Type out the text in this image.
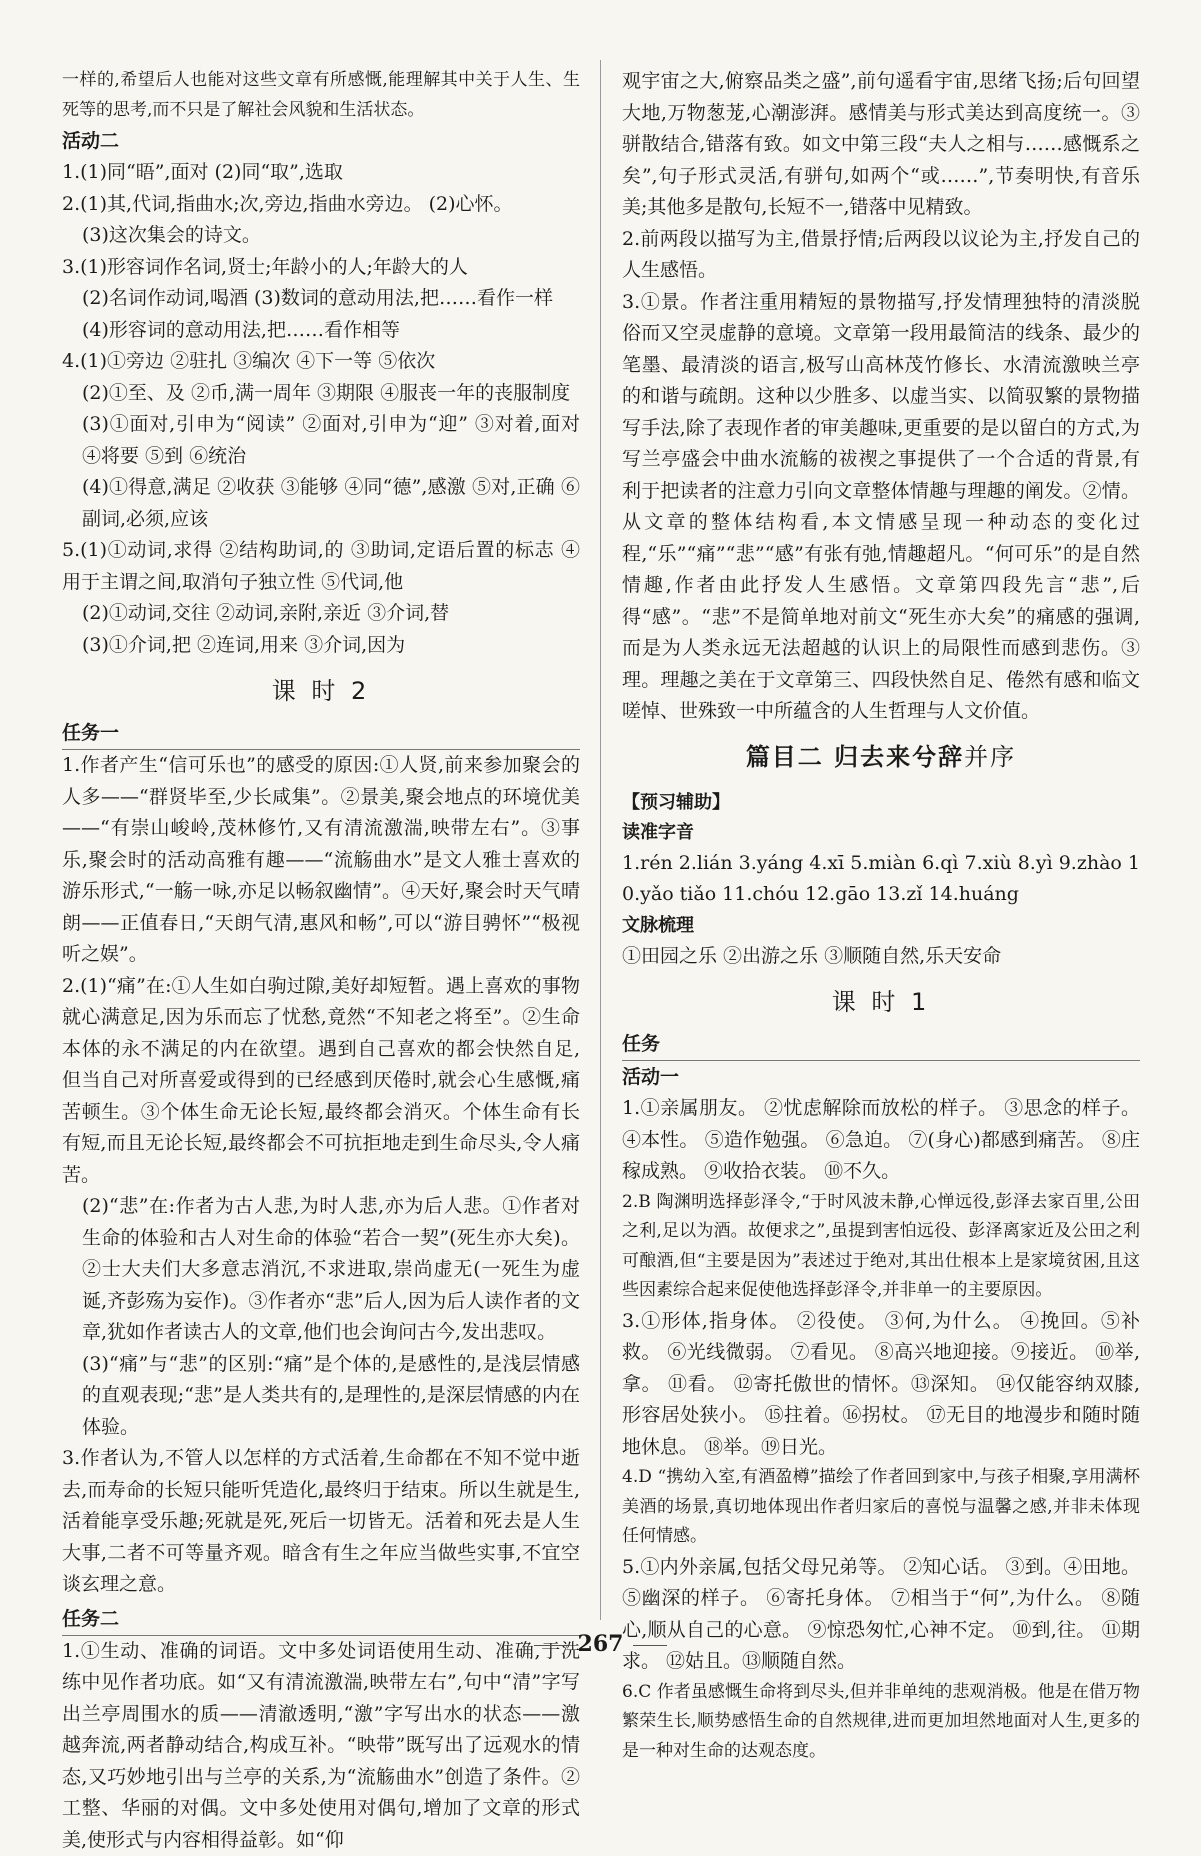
一样的,希望后人也能对这些文章有所感慨,能理解其中关于人生、生死等的思考,而不只是了解社会风貌和生活状态。

活动二

1.(1)同“晤”,面对 (2)同“取”,选取

2.(1)其,代词,指曲水;次,旁边,指曲水旁边。 (2)心怀。

(3)这次集会的诗文。

3.(1)形容词作名词,贤士;年龄小的人;年龄大的人

(2)名词作动词,喝酒 (3)数词的意动用法,把……看作一样

(4)形容词的意动用法,把……看作相等

4.(1)①旁边 ②驻扎 ③编次 ④下一等 ⑤依次

(2)①至、及 ②币,满一周年 ③期限 ④服丧一年的丧服制度

(3)①面对,引申为“阅读” ②面对,引申为“迎” ③对着,面对 ④将要 ⑤到 ⑥统治

(4)①得意,满足 ②收获 ③能够 ④同“德”,感激 ⑤对,正确 ⑥副词,必须,应该

5.(1)①动词,求得 ②结构助词,的 ③助词,定语后置的标志 ④用于主谓之间,取消句子独立性 ⑤代词,他

(2)①动词,交往 ②动词,亲附,亲近 ③介词,替

(3)①介词,把 ②连词,用来 ③介词,因为

课 时 2

任务一

1.作者产生“信可乐也”的感受的原因:①人贤,前来参加聚会的人多——“群贤毕至,少长咸集”。②景美,聚会地点的环境优美——“有崇山峻岭,茂林修竹,又有清流激湍,映带左右”。③事乐,聚会时的活动高雅有趣——“流觞曲水”是文人雅士喜欢的游乐形式,“一觞一咏,亦足以畅叙幽情”。④天好,聚会时天气晴朗——正值春日,“天朗气清,惠风和畅”,可以“游目骋怀”“极视听之娱”。

2.(1)“痛”在:①人生如白驹过隙,美好却短暂。遇上喜欢的事物就心满意足,因为乐而忘了忧愁,竟然“不知老之将至”。②生命本体的永不满足的内在欲望。遇到自己喜欢的都会快然自足,但当自己对所喜爱或得到的已经感到厌倦时,就会心生感慨,痛苦顿生。③个体生命无论长短,最终都会消灭。个体生命有长有短,而且无论长短,最终都会不可抗拒地走到生命尽头,令人痛苦。

(2)“悲”在:作者为古人悲,为时人悲,亦为后人悲。①作者对生命的体验和古人对生命的体验“若合一契”(死生亦大矣)。②士大夫们大多意志消沉,不求进取,崇尚虚无(一死生为虚诞,齐彭殇为妄作)。③作者亦“悲”后人,因为后人读作者的文章,犹如作者读古人的文章,他们也会询问古今,发出悲叹。

(3)“痛”与“悲”的区别:“痛”是个体的,是感性的,是浅层情感的直观表现;“悲”是人类共有的,是理性的,是深层情感的内在体验。

3.作者认为,不管人以怎样的方式活着,生命都在不知不觉中逝去,而寿命的长短只能听凭造化,最终归于结束。所以生就是生,活着能享受乐趣;死就是死,死后一切皆无。活着和死去是人生大事,二者不可等量齐观。暗含有生之年应当做些实事,不宜空谈玄理之意。

任务二

1.①生动、准确的词语。文中多处词语使用生动、准确,于洗练中见作者功底。如“又有清流激湍,映带左右”,句中“清”字写出兰亭周围水的质——清澈透明,“激”字写出水的状态——激越奔流,两者静动结合,构成互补。“映带”既写出了远观水的情态,又巧妙地引出与兰亭的关系,为“流觞曲水”创造了条件。②工整、华丽的对偶。文中多处使用对偶句,增加了文章的形式美,使形式与内容相得益彰。如“仰

观宇宙之大,俯察品类之盛”,前句遥看宇宙,思绪飞扬;后句回望大地,万物葱茏,心潮澎湃。感情美与形式美达到高度统一。③骈散结合,错落有致。如文中第三段“夫人之相与……感慨系之矣”,句子形式灵活,有骈句,如两个“或……”,节奏明快,有音乐美;其他多是散句,长短不一,错落中见精致。

2.前两段以描写为主,借景抒情;后两段以议论为主,抒发自己的人生感悟。

3.①景。作者注重用精短的景物描写,抒发情理独特的清淡脱俗而又空灵虚静的意境。文章第一段用最简洁的线条、最少的笔墨、最清淡的语言,极写山高林茂竹修长、水清流激映兰亭的和谐与疏朗。这种以少胜多、以虚当实、以简驭繁的景物描写手法,除了表现作者的审美趣味,更重要的是以留白的方式,为写兰亭盛会中曲水流觞的祓禊之事提供了一个合适的背景,有利于把读者的注意力引向文章整体情趣与理趣的阐发。②情。从文章的整体结构看,本文情感呈现一种动态的变化过程,“乐”“痛”“悲”“感”有张有弛,情趣超凡。“何可乐”的是自然情趣,作者由此抒发人生感悟。文章第四段先言“悲”,后得“感”。“悲”不是简单地对前文“死生亦大矣”的痛感的强调,而是为人类永远无法超越的认识上的局限性而感到悲伤。③理。理趣之美在于文章第三、四段快然自足、倦然有感和临文嗟悼、世殊致一中所蕴含的人生哲理与人文价值。

篇目二 归去来兮辞并序

【预习辅助】

读准字音

1.rén 2.lián 3.yáng 4.xī 5.miàn 6.qì 7.xiù 8.yì 9.zhào 10.yǎo tiǎo 11.chóu 12.gāo 13.zǐ 14.huáng

文脉梳理

①田园之乐 ②出游之乐 ③顺随自然,乐天安命

课 时 1

任务

活动一

1.①亲属朋友。 ②忧虑解除而放松的样子。 ③思念的样子。④本性。 ⑤造作勉强。 ⑥急迫。 ⑦(身心)都感到痛苦。 ⑧庄稼成熟。 ⑨收拾衣装。 ⑩不久。

2.B 陶渊明选择彭泽令,“于时风波未静,心惮远役,彭泽去家百里,公田之利,足以为酒。故便求之”,虽提到害怕远役、彭泽离家近及公田之利可酿酒,但“主要是因为”表述过于绝对,其出仕根本上是家境贫困,且这些因素综合起来促使他选择彭泽令,并非单一的主要原因。

3.①形体,指身体。 ②役使。 ③何,为什么。 ④挽回。⑤补救。 ⑥光线微弱。 ⑦看见。 ⑧高兴地迎接。⑨接近。 ⑩举,拿。 ⑪看。 ⑫寄托傲世的情怀。⑬深知。 ⑭仅能容纳双膝,形容居处狭小。 ⑮拄着。⑯拐杖。 ⑰无目的地漫步和随时随地休息。 ⑱举。⑲日光。

4.D “携幼入室,有酒盈樽”描绘了作者回到家中,与孩子相聚,享用满杯美酒的场景,真切地体现出作者归家后的喜悦与温馨之感,并非未体现任何情感。

5.①内外亲属,包括父母兄弟等。 ②知心话。 ③到。④田地。 ⑤幽深的样子。 ⑥寄托身体。 ⑦相当于“何”,为什么。 ⑧随心,顺从自己的心意。 ⑨惊恐匆忙,心神不定。 ⑩到,往。 ⑪期求。 ⑫姑且。⑬顺随自然。

6.C 作者虽感慨生命将到尽头,但并非单纯的悲观消极。他是在借万物繁荣生长,顺势感悟生命的自然规律,进而更加坦然地面对人生,更多的是一种对生命的达观态度。

267
